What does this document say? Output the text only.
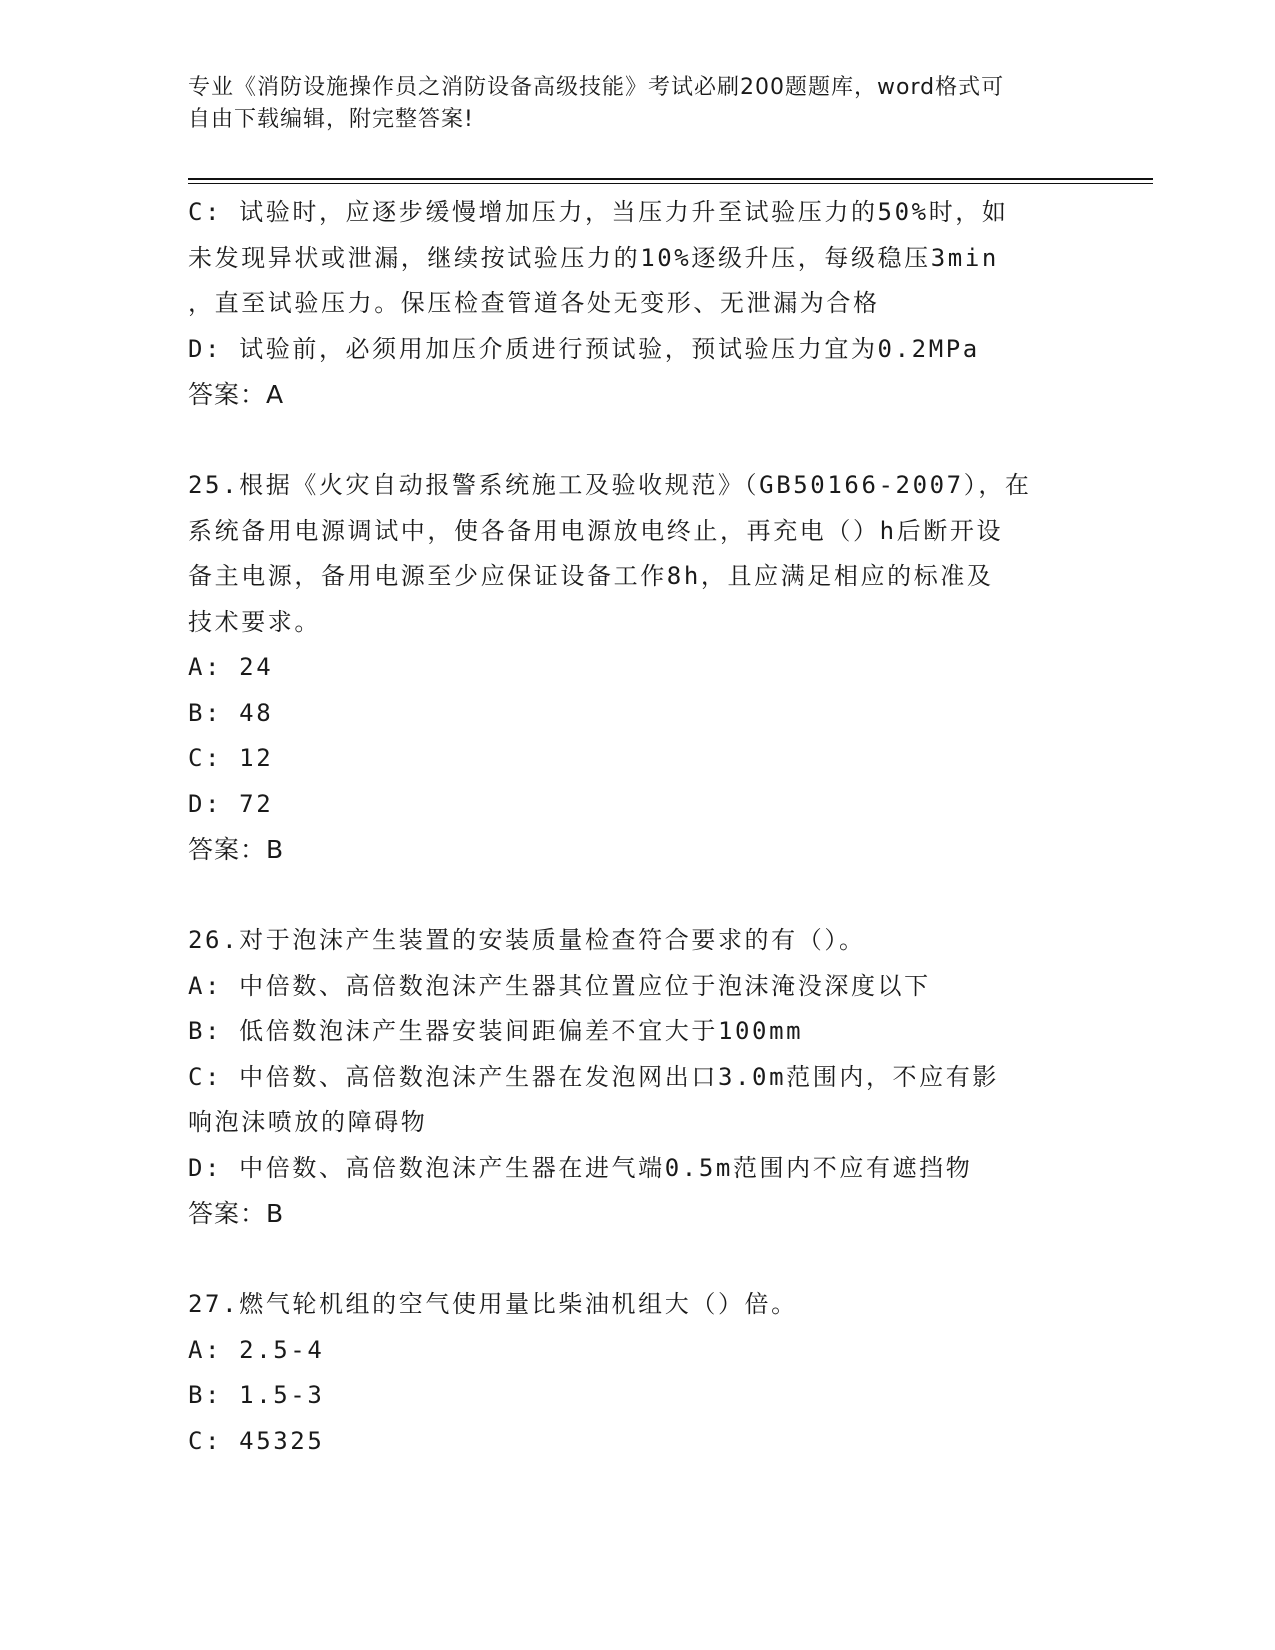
专业《消防设施操作员之消防设备高级技能》考试必刷200题题库，word格式可
自由下载编辑，附完整答案!
C: 试验时，应逐步缓慢增加压力，当压力升至试验压力的50%时，如
未发现异状或泄漏，继续按试验压力的10%逐级升压，每级稳压3min
，直至试验压力。保压检查管道各处无变形、无泄漏为合格
D: 试验前，必须用加压介质进行预试验，预试验压力宜为0.2MPa
答案：A
25.根据《火灾自动报警系统施工及验收规范》（GB50166-2007），在
系统备用电源调试中，使各备用电源放电终止，再充电（）h后断开设
备主电源，备用电源至少应保证设备工作8h，且应满足相应的标准及
技术要求。
A: 24
B: 48
C: 12
D: 72
答案：B
26.对于泡沫产生装置的安装质量检查符合要求的有（）。
A: 中倍数、高倍数泡沫产生器其位置应位于泡沫淹没深度以下
B: 低倍数泡沫产生器安装间距偏差不宜大于100mm
C: 中倍数、高倍数泡沫产生器在发泡网出口3.0m范围内，不应有影
响泡沫喷放的障碍物
D: 中倍数、高倍数泡沫产生器在进气端0.5m范围内不应有遮挡物
答案：B
27.燃气轮机组的空气使用量比柴油机组大（）倍。
A: 2.5-4
B: 1.5-3
C: 45325
